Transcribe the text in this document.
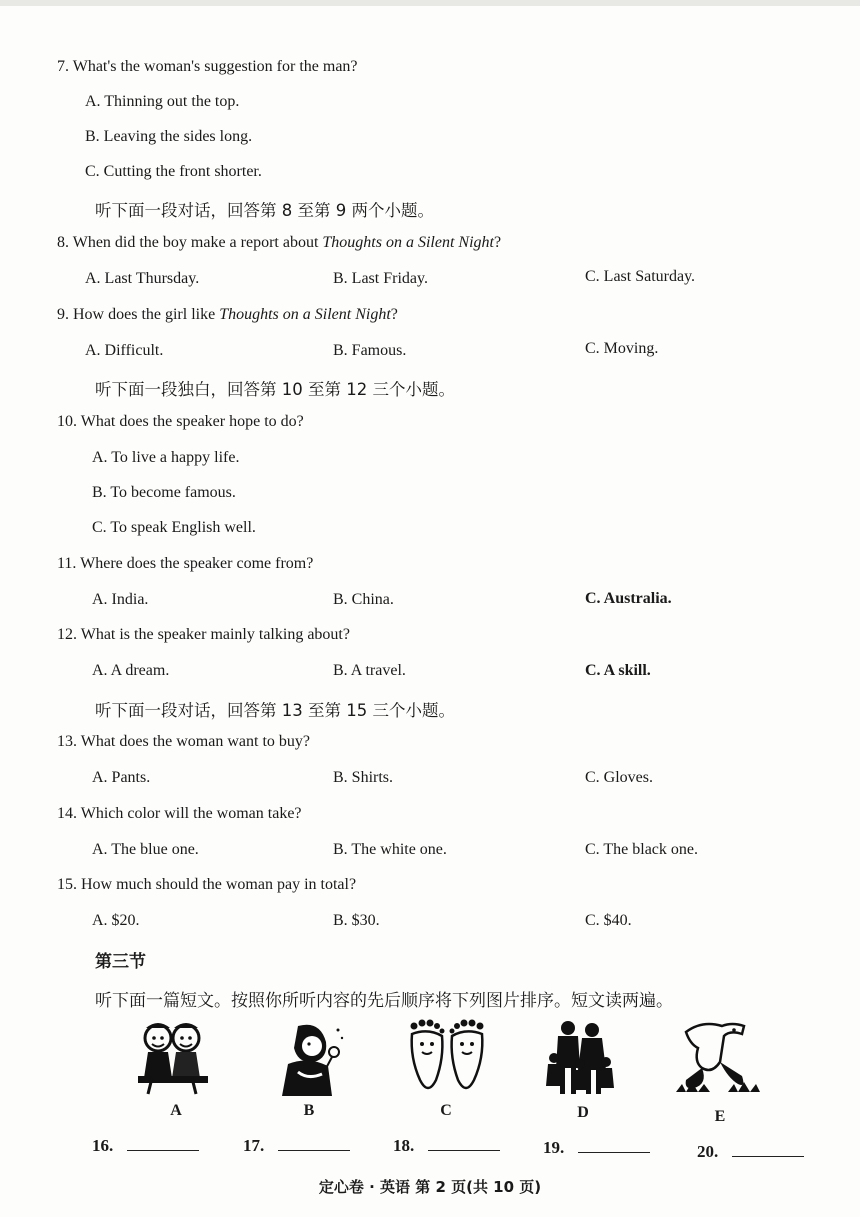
7. What's the woman's suggestion for the man?
A. Thinning out the top.
B. Leaving the sides long.
C. Cutting the front shorter.
听下面一段对话，回答第 8 至第 9 两个小题。
8. When did the boy make a report about Thoughts on a Silent Night?
A. Last Thursday.	B. Last Friday.	C. Last Saturday.
9. How does the girl like Thoughts on a Silent Night?
A. Difficult.	B. Famous.	C. Moving.
听下面一段独白，回答第 10 至第 12 三个小题。
10. What does the speaker hope to do?
A. To live a happy life.
B. To become famous.
C. To speak English well.
11. Where does the speaker come from?
A. India.	B. China.	C. Australia.
12. What is the speaker mainly talking about?
A. A dream.	B. A travel.	C. A skill.
听下面一段对话，回答第 13 至第 15 三个小题。
13. What does the woman want to buy?
A. Pants.	B. Shirts.	C. Gloves.
14. Which color will the woman take?
A. The blue one.	B. The white one.	C. The black one.
15. How much should the woman pay in total?
A. $20.	B. $30.	C. $40.
第三节
听下面一篇短文。按照你所听内容的先后顺序将下列图片排序。短文读两遍。
A	B	C	D	E
16.	17.	18.	19.	20.
定心卷 · 英语 第 2 页(共 10 页)
